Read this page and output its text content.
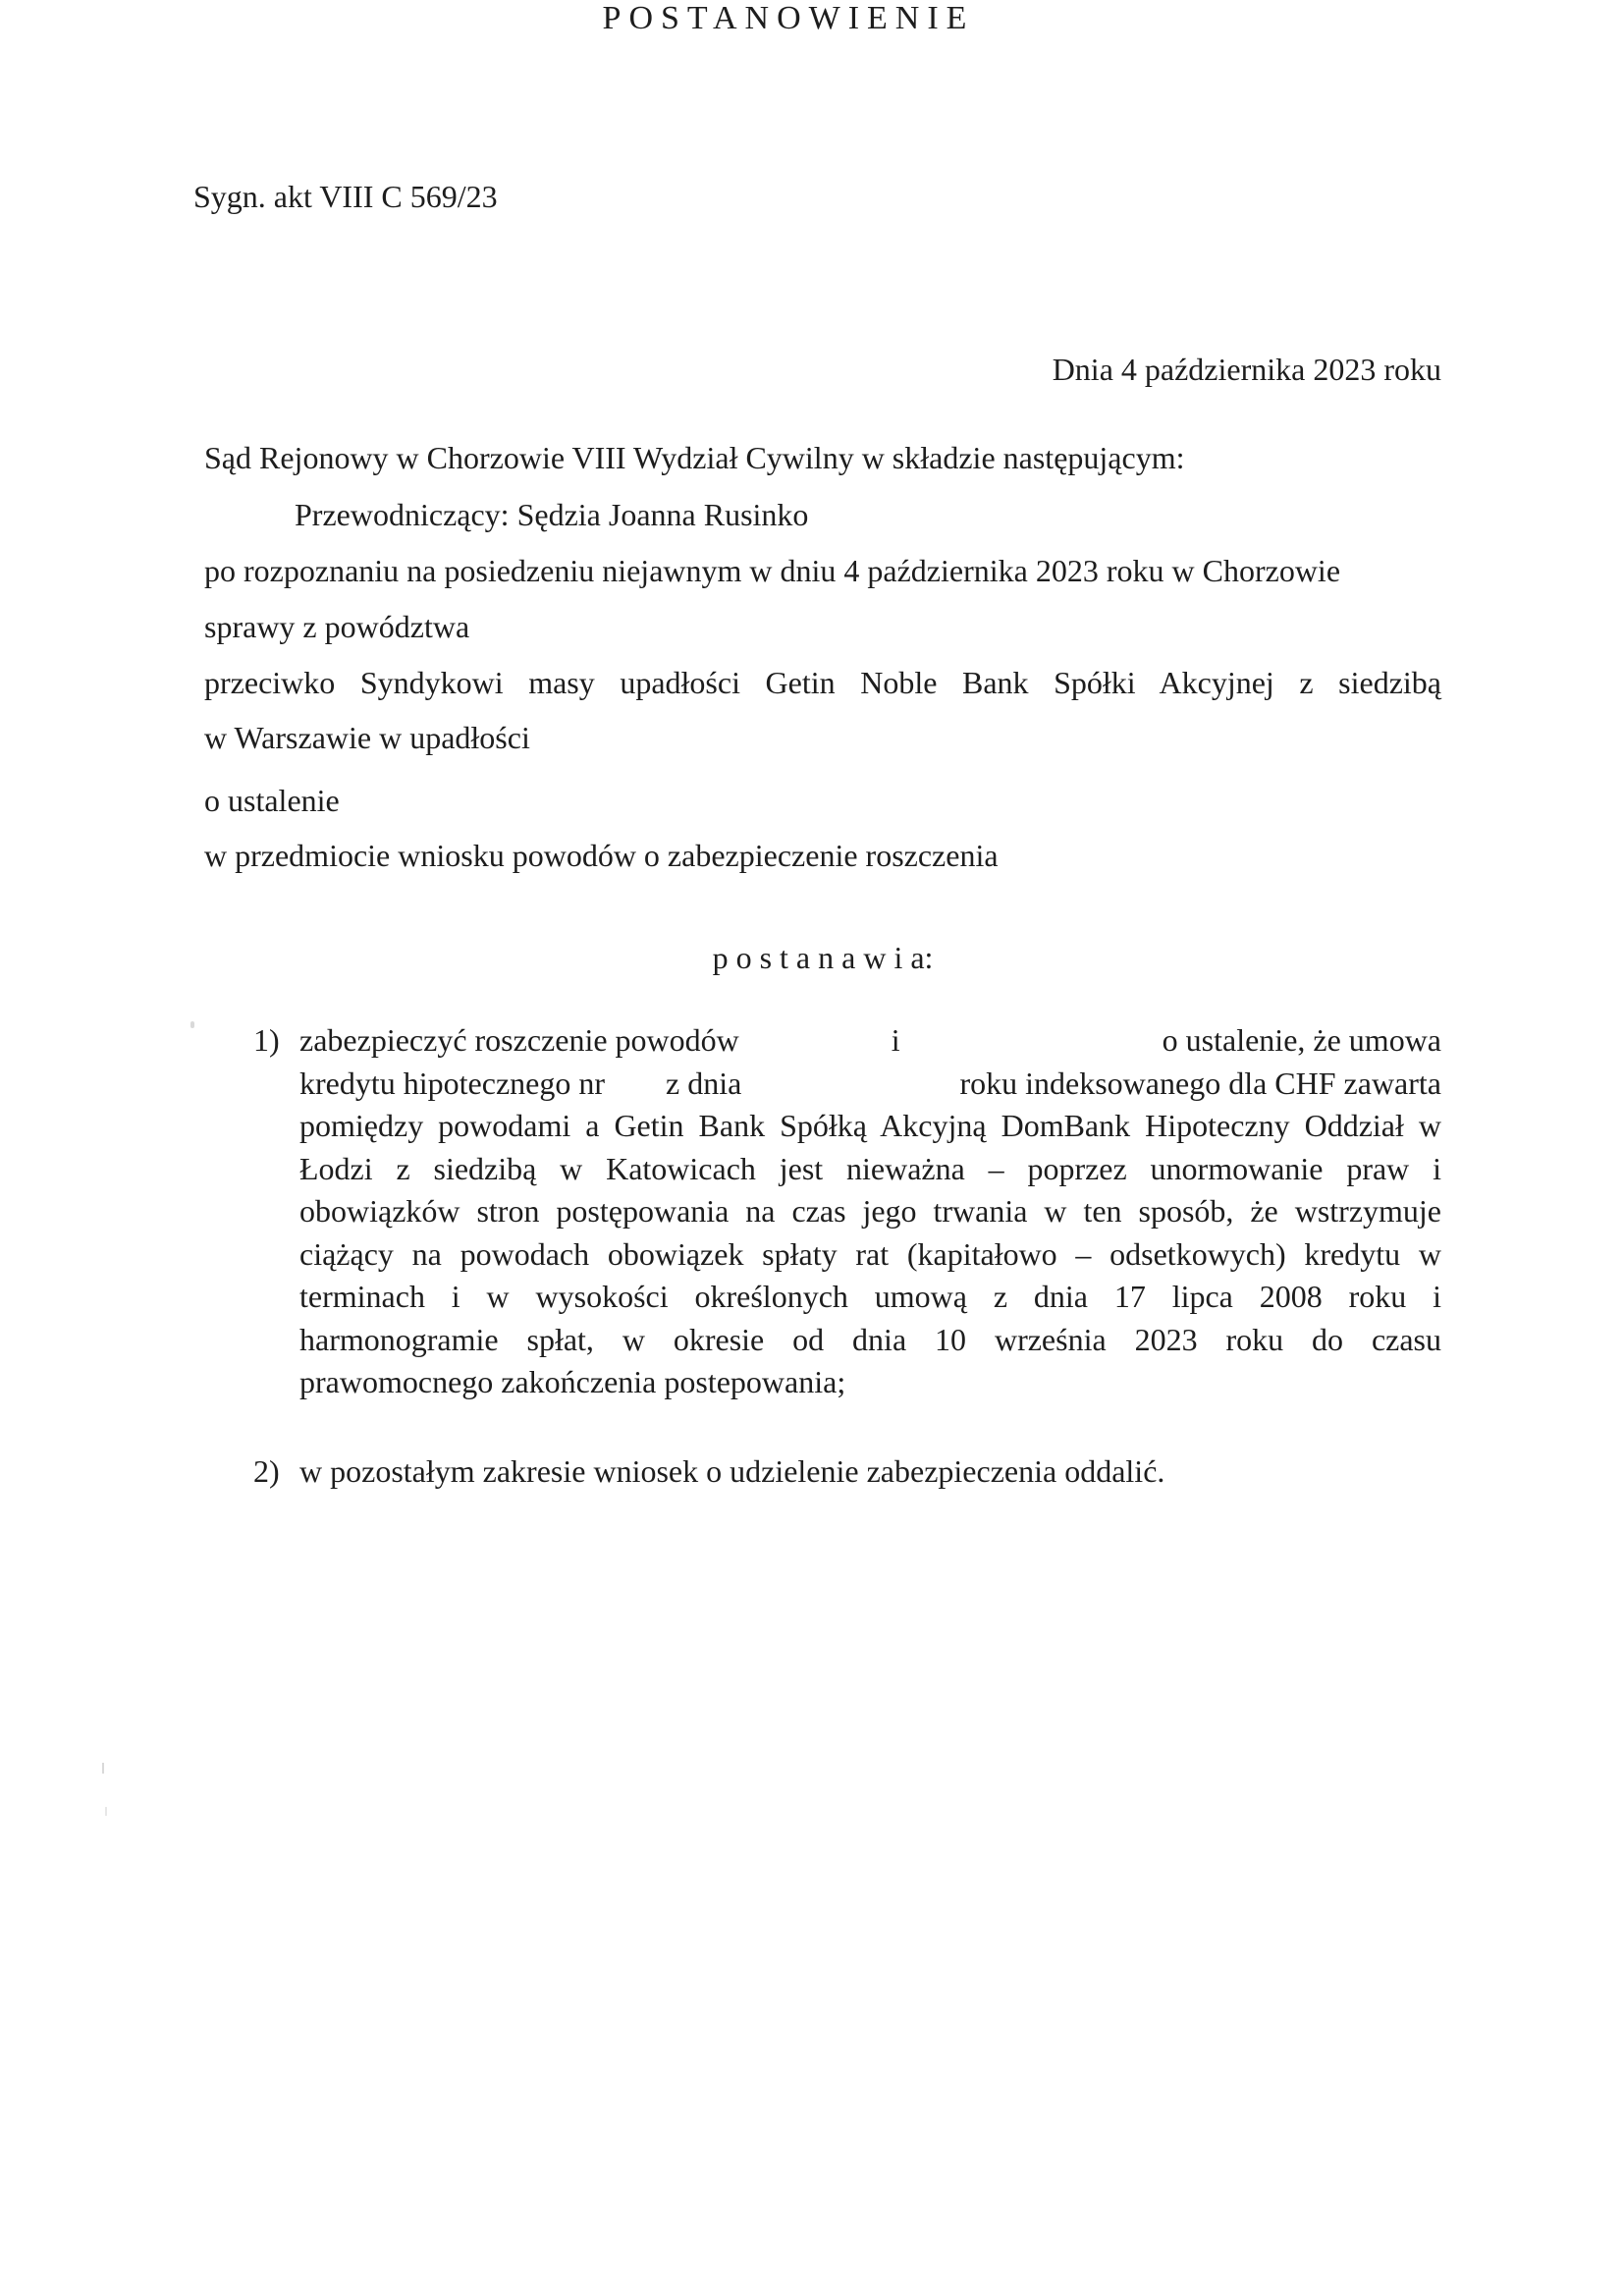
Sygn. akt VIII C 569/23
POSTANOWIENIE
Dnia 4 października 2023 roku
Sąd Rejonowy w Chorzowie VIII Wydział Cywilny w składzie następującym:
Przewodniczący: Sędzia Joanna Rusinko
po rozpoznaniu na posiedzeniu niejawnym w dniu 4 października 2023 roku w Chorzowie
sprawy z powództwa
przeciwko Syndykowi masy upadłości Getin Noble Bank Spółki Akcyjnej z siedzibą
w Warszawie w upadłości
o ustalenie
w przedmiocie wniosku powodów o zabezpieczenie roszczenia
p o s t a n a w i a:
1) zabezpieczyć roszczenie powodów	i	o ustalenie, że umowa
kredytu hipotecznego nr z dnia	roku indeksowanego dla CHF zawarta
pomiędzy powodami a Getin Bank Spółką Akcyjną DomBank Hipoteczny Oddział w
Łodzi z siedzibą w Katowicach jest nieważna – poprzez unormowanie praw i
obowiązków stron postępowania na czas jego trwania w ten sposób, że wstrzymuje
ciążący na powodach obowiązek spłaty rat (kapitałowo – odsetkowych) kredytu w
terminach i w wysokości określonych umową z dnia 17 lipca 2008 roku i
harmonogramie spłat, w okresie od dnia 10 września 2023 roku do czasu
prawomocnego zakończenia postepowania;
2) w pozostałym zakresie wniosek o udzielenie zabezpieczenia oddalić.
